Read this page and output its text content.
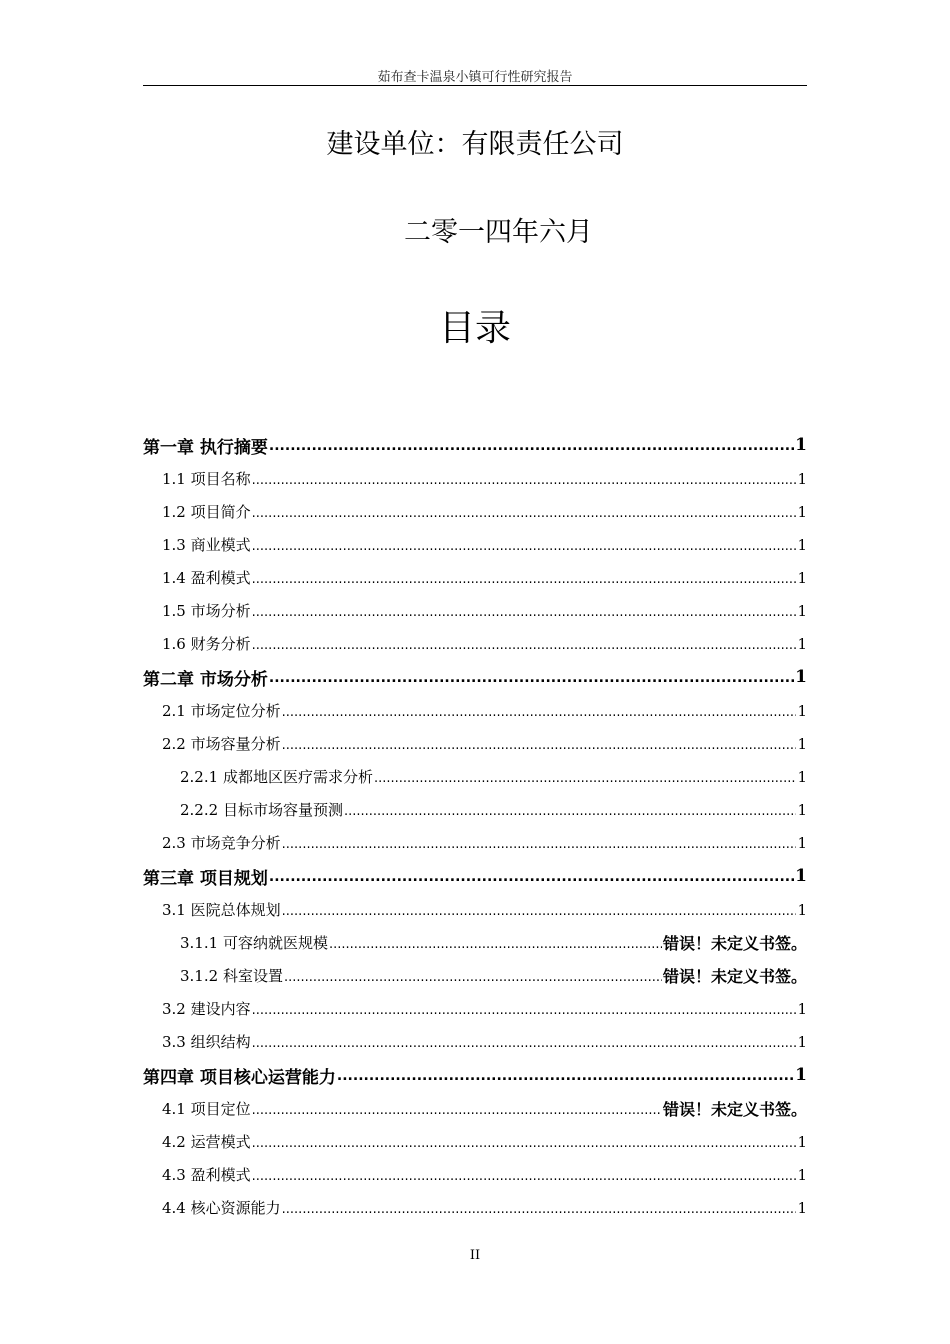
茹布查卡温泉小镇可行性研究报告
建设单位：有限责任公司
二零一四年六月
目录
第一章 执行摘要 .....	1
1.1 项目名称 .....	1
1.2 项目简介 .....	1
1.3 商业模式 .....	1
1.4 盈利模式 .....	1
1.5 市场分析 .....	1
1.6 财务分析 .....	1
第二章 市场分析 .....	1
2.1 市场定位分析 .....	1
2.2 市场容量分析 .....	1
2.2.1 成都地区医疗需求分析 .....	1
2.2.2 目标市场容量预测 .....	1
2.3 市场竞争分析 .....	1
第三章 项目规划 .....	1
3.1 医院总体规划 .....	1
3.1.1 可容纳就医规模 .....	错误！未定义书签。
3.1.2 科室设置 .....	错误！未定义书签。
3.2 建设内容 .....	1
3.3 组织结构 .....	1
第四章 项目核心运营能力 .....	1
4.1 项目定位 .....	错误！未定义书签。
4.2 运营模式 .....	1
4.3 盈利模式 .....	1
4.4 核心资源能力 .....	1
II
